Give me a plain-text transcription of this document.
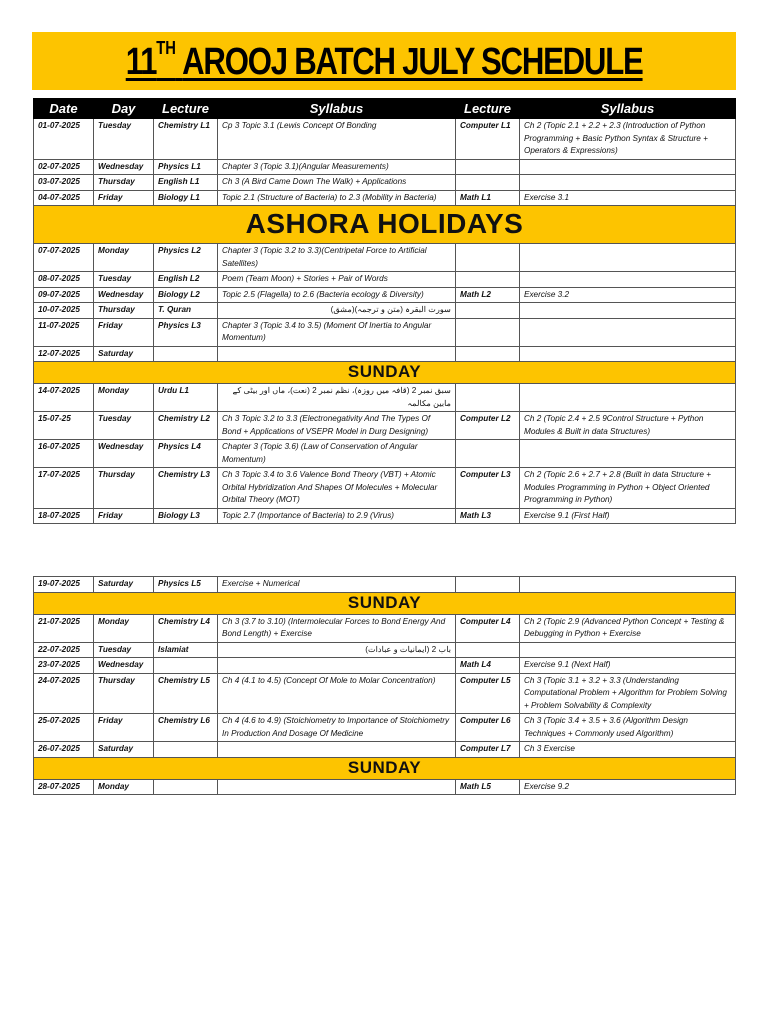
11TH AROOJ BATCH JULY SCHEDULE
Date	Day	Lecture	Syllabus	Lecture	Syllabus
01-07-2025	Tuesday	Chemistry L1	Cp 3 Topic 3.1 (Lewis Concept Of Bonding	Computer L1	Ch 2 (Topic 2.1 + 2.2 + 2.3 (Introduction of Python Programming + Basic Python Syntax & Structure + Operators & Expressions)
02-07-2025	Wednesday	Physics L1	Chapter 3 (Topic 3.1)(Angular Measurements)		
03-07-2025	Thursday	English L1	Ch 3 (A Bird Came Down The Walk) + Applications		
04-07-2025	Friday	Biology L1	Topic 2.1 (Structure of Bacteria) to 2.3 (Mobility in Bacteria)	Math L1	Exercise 3.1
ASHORA HOLIDAYS					
07-07-2025	Monday	Physics L2	Chapter 3 (Topic 3.2 to 3.3)(Centripetal Force to Artificial Satellites)		
08-07-2025	Tuesday	English L2	Poem (Team Moon) + Stories + Pair of Words		
09-07-2025	Wednesday	Biology L2	Topic 2.5 (Flagella) to 2.6 (Bacteria ecology & Diversity)	Math L2	Exercise 3.2
10-07-2025	Thursday	T. Quran	سورت البقرہ (متن و ترجمہ)(مشق)		
11-07-2025	Friday	Physics L3	Chapter 3 (Topic 3.4 to 3.5) (Moment Of Inertia to Angular Momentum)		
12-07-2025	Saturday				
SUNDAY					
14-07-2025	Monday	Urdu L1	سبق نمبر 2 (قافہ میں روزہ)، نظم نمبر 2 (نعت)، ماں اور بیٹی کے مابین مکالمہ		
15-07-25	Tuesday	Chemistry L2	Ch 3 Topic 3.2 to 3.3 (Electronegativity And The Types Of Bond + Applications of VSEPR Model in Durg Designing)	Computer L2	Ch 2 (Topic 2.4 + 2.5 9Control Structure + Python Modules & Built in data Structures)
16-07-2025	Wednesday	Physics L4	Chapter 3 (Topic 3.6) (Law of Conservation of Angular Momentum)		
17-07-2025	Thursday	Chemistry L3	Ch 3 Topic 3.4 to 3.6 Valence Bond Theory (VBT) + Atomic Orbital Hybridization And Shapes Of Molecules + Molecular Orbital Theory (MOT)	Computer L3	Ch 2 (Topic 2.6 + 2.7 + 2.8 (Built in data Structure + Modules Programming in Python + Object Oriented Programming in Python)
18-07-2025	Friday	Biology L3	Topic 2.7 (Importance of Bacteria) to 2.9 (Virus)	Math L3	Exercise 9.1 (First Half)
19-07-2025	Saturday	Physics L5	Exercise + Numerical		
SUNDAY					
21-07-2025	Monday	Chemistry L4	Ch 3 (3.7 to 3.10) (Intermolecular Forces to Bond Energy And Bond Length) + Exercise	Computer L4	Ch 2 (Topic 2.9 (Advanced Python Concept + Testing & Debugging in Python + Exercise
22-07-2025	Tuesday	Islamiat	باب 2 (ایمانیات و عبادات)		
23-07-2025	Wednesday			Math L4	Exercise 9.1 (Next Half)
24-07-2025	Thursday	Chemistry L5	Ch 4 (4.1 to 4.5) (Concept Of Mole to Molar Concentration)	Computer L5	Ch 3 (Topic 3.1 + 3.2 + 3.3 (Understanding Computational Problem + Algorithm for Problem Solving + Problem Solvability & Complexity
25-07-2025	Friday	Chemistry L6	Ch 4 (4.6 to 4.9) (Stoichiometry to Importance of Stoichiometry In Production And Dosage Of Medicine	Computer L6	Ch 3 (Topic 3.4 + 3.5 + 3.6 (Algorithm Design Techniques + Commonly used Algorithm)
26-07-2025	Saturday			Computer L7	Ch 3 Exercise
SUNDAY					
28-07-2025	Monday			Math L5	Exercise 9.2
